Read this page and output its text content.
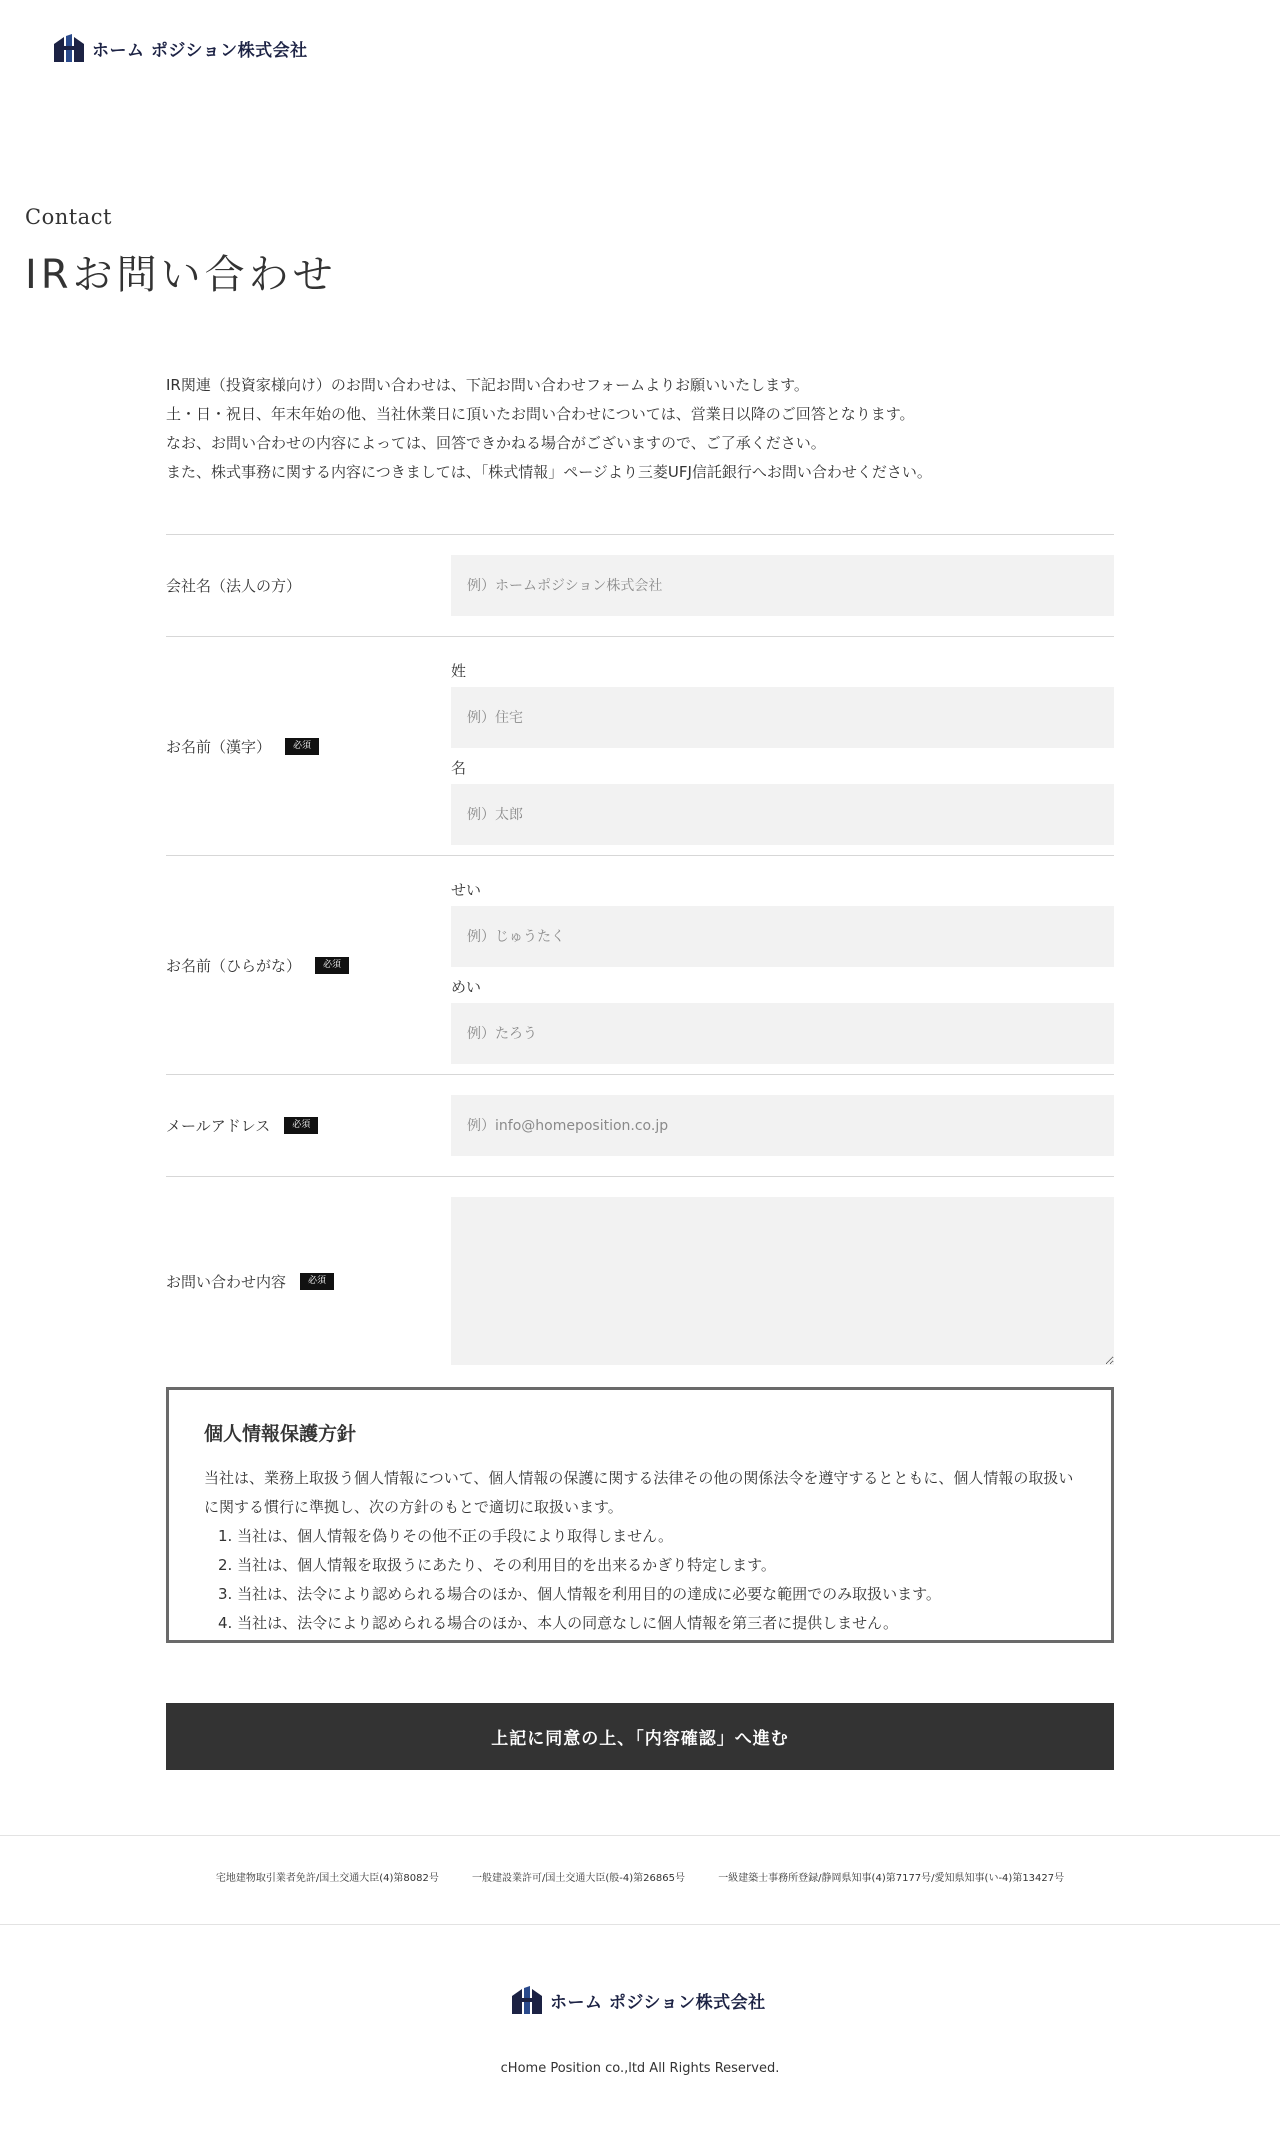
ホーム ポジション株式会社
Contact
IRお問い合わせ

IR関連（投資家様向け）のお問い合わせは、下記お問い合わせフォームよりお願いいたします。

土・日・祝日、年末年始の他、当社休業日に頂いたお問い合わせについては、営業日以降のご回答となります。

なお、お問い合わせの内容によっては、回答できかねる場合がございますので、ご了承ください。

また、株式事務に関する内容につきましては、「株式情報」ページより三菱UFJ信託銀行へお問い合わせください。

会社名（法人の方）
例）ホームポジション株式会社
お名前（漢字）	必須
姓
例）住宅
名
例）太郎
お名前（ひらがな）	必須
せい
例）じゅうたく
めい
例）たろう
メールアドレス	必須
例）info@homeposition.co.jp
お問い合わせ内容	必須
個人情報保護方針

当社は、業務上取扱う個人情報について、個人情報の保護に関する法律その他の関係法令を遵守するとともに、個人情報の取扱いに関する慣行に準拠し、次の方針のもとで適切に取扱います。

1. 当社は、個人情報を偽りその他不正の手段により取得しません。
2. 当社は、個人情報を取扱うにあたり、その利用目的を出来るかぎり特定します。
3. 当社は、法令により認められる場合のほか、個人情報を利用目的の達成に必要な範囲でのみ取扱います。
4. 当社は、法令により認められる場合のほか、本人の同意なしに個人情報を第三者に提供しません。
上記に同意の上、「内容確認」へ進む
宅地建物取引業者免許/国土交通大臣(4)第8082号	一般建設業許可/国土交通大臣(般-4)第26865号	一級建築士事務所登録/静岡県知事(4)第7177号/愛知県知事(い-4)第13427号
ホーム ポジション株式会社
cHome Position co.,ltd All Rights Reserved.
